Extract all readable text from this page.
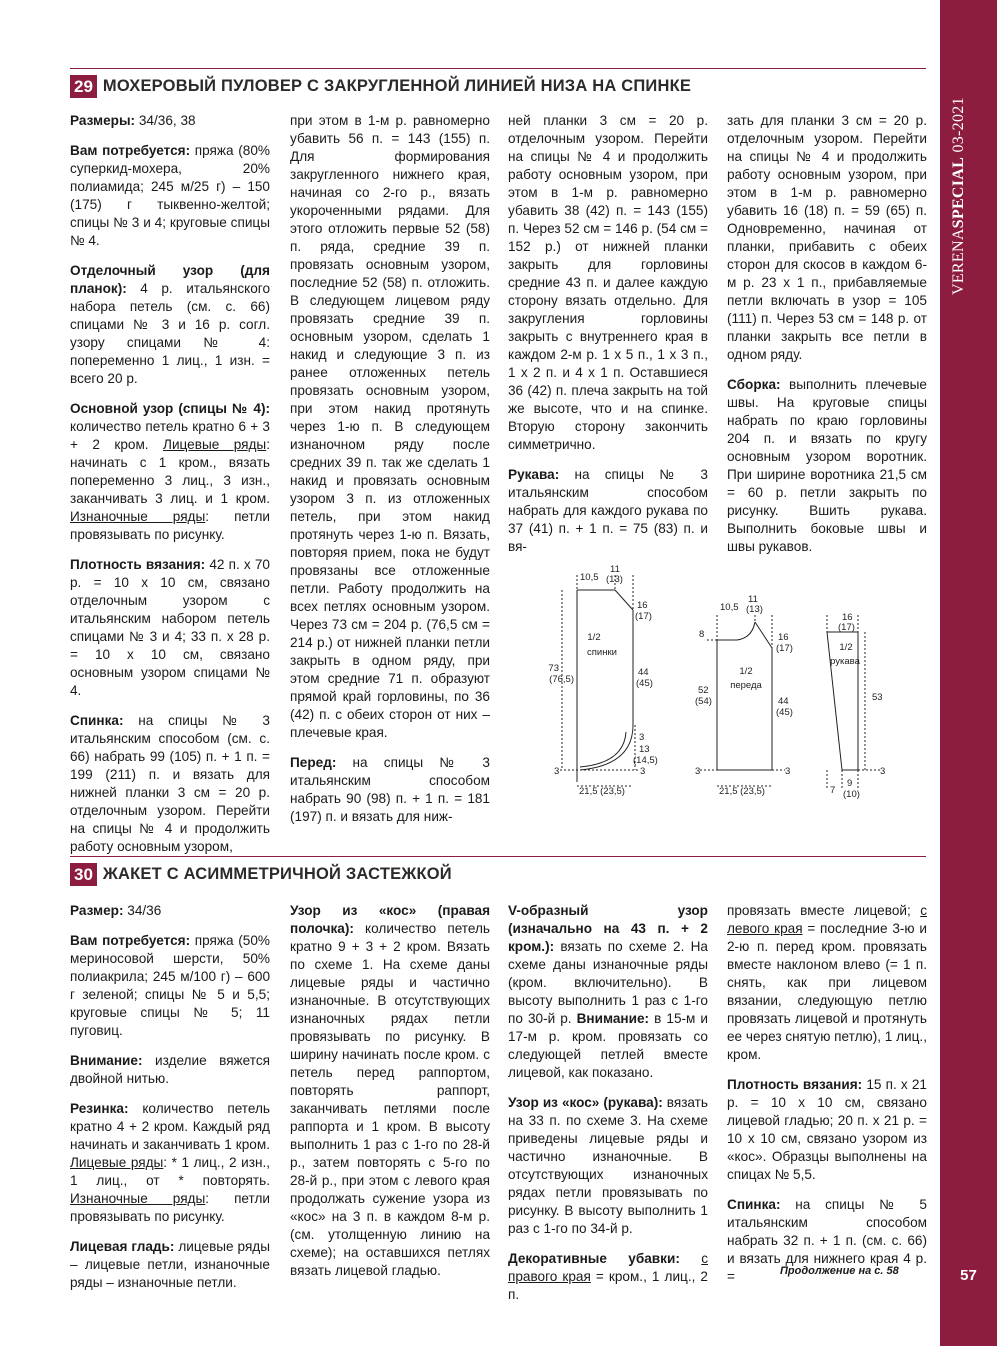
VERENASPECIAL 03-2021
57
29 МОХЕРОВЫЙ ПУЛОВЕР С ЗАКРУГЛЕННОЙ ЛИНИЕЙ НИЗА НА СПИНКЕ

Размеры: 34/36, 38

Вам потребуется: пряжа (80% суперкид-мохера, 20% полиамида; 245 м/25 г) – 150 (175) г тыквенно-желтой; спицы № 3 и 4; круговые спицы № 4.

Отделочный узор (для планок): 4 р. итальянского набора петель (см. с. 66) спицами № 3 и 16 р. согл. узору спицами № 4: попеременно 1 лиц., 1 изн. = всего 20 р.

Основной узор (спицы № 4): количество петель кратно 6 + 3 + 2 кром. Лицевые ряды: начинать с 1 кром., вязать попеременно 3 лиц., 3 изн., заканчивать 3 лиц. и 1 кром. Изнаночные ряды: петли провязывать по рисунку.

Плотность вязания: 42 п. х 70 р. = 10 х 10 см, связано отделочным узором с итальянским набором петель спицами № 3 и 4; 33 п. х 28 р. = 10 х 10 см, связано основным узором спицами № 4.

Спинка: на спицы № 3 итальянским способом (см. с. 66) набрать 99 (105) п. + 1 п. = 199 (211) п. и вязать для нижней планки 3 см = 20 р. отделочным узором. Перейти на спицы № 4 и продолжить работу основным узором,

при этом в 1-м р. равномерно убавить 56 п. = 143 (155) п. Для формирования закругленного нижнего края, начиная со 2-го р., вязать укороченными рядами. Для этого отложить первые 52 (58) п. ряда, средние 39 п. провязать основным узором, последние 52 (58) п. отложить. В следующем лицевом ряду провязать средние 39 п. основным узором, сделать 1 накид и следующие 3 п. из ранее отложенных петель провязать основным узором, при этом накид протянуть через 1-ю п. В следующем изнаночном ряду после средних 39 п. так же сделать 1 накид и провязать основным узором 3 п. из отложенных петель, при этом накид протянуть через 1-ю п. Вязать, повторяя прием, пока не будут провязаны все отложенные петли. Работу продолжить на всех петлях основным узором. Через 73 см = 204 р. (76,5 см = 214 р.) от нижней планки петли закрыть в одном ряду, при этом средние 71 п. образуют прямой край горловины, по 36 (42) п. с обеих сторон от них – плечевые края.

Перед: на спицы № 3 итальянским способом набрать 90 (98) п. + 1 п. = 181 (197) п. и вязать для ниж-

ней планки 3 см = 20 р. отделочным узором. Перейти на спицы № 4 и продолжить работу основным узором, при этом в 1-м р. равномерно убавить 38 (42) п. = 143 (155) п. Через 52 см = 146 р. (54 см = 152 р.) от нижней планки закрыть для горловины средние 43 п. и далее каждую сторону вязать отдельно. Для закругления горловины закрыть с внутреннего края в каждом 2-м р. 1 х 5 п., 1 х 3 п., 1 х 2 п. и 4 х 1 п. Оставшиеся 36 (42) п. плеча закрыть на той же высоте, что и на спинке. Вторую сторону закончить симметрично.

Рукава: на спицы № 3 итальянским способом набрать для каждого рукава по 37 (41) п. + 1 п. = 75 (83) п. и вя-

зать для планки 3 см = 20 р. отделочным узором. Перейти на спицы № 4 и продолжить работу основным узором, при этом в 1-м р. равномерно убавить 16 (18) п. = 59 (65) п. Одновременно, начиная от планки, прибавить с обеих сторон для скосов в каждом 6-м р. 23 х 1 п., прибавляемые петли включать в узор = 105 (111) п. Через 53 см = 148 р. от планки закрыть все петли в одном ряду.

Сборка: выполнить плечевые швы. На круговые спицы набрать по краю горловины 204 п. и вязать по кругу основным узором воротник. При ширине воротника 21,5 см = 60 р. петли закрыть по рисунку. Вшить рукава. Выполнить боковые швы и швы рукавов.

1/2
спинки
10,5
11
(13)
16
(17)
73
(76,5)
44
(45)
3
13
(14,5)
3	3
21,5 (23,5)
1/2
переда
10,5
11
(13)
8	16
(17)
52
(54)	44
(45)
3	3
21,5 (23,5)
16
(17)
1/2
рукава
53
3
7
9
(10)
30 ЖАКЕТ С АСИММЕТРИЧНОЙ ЗАСТЕЖКОЙ

Размер: 34/36

Вам потребуется: пряжа (50% мериносовой шерсти, 50% полиакрила; 245 м/100 г) – 600 г зеленой; спицы № 5 и 5,5; круговые спицы № 5; 11 пуговиц.

Внимание: изделие вяжется двойной нитью.

Резинка: количество петель кратно 4 + 2 кром. Каждый ряд начинать и заканчивать 1 кром. Лицевые ряды: * 1 лиц., 2 изн., 1 лиц., от * повторять. Изнаночные ряды: петли провязывать по рисунку.

Лицевая гладь: лицевые ряды – лицевые петли, изнаночные ряды – изнаночные петли.

Узор из «кос» (правая полочка): количество петель кратно 9 + 3 + 2 кром. Вязать по схеме 1. На схеме даны лицевые ряды и частично изнаночные. В отсутствующих изнаночных рядах петли провязывать по рисунку. В ширину начинать после кром. с петель перед раппортом, повторять раппорт, заканчивать петлями после раппорта и 1 кром. В высоту выполнить 1 раз с 1-го по 28-й р., затем повторять с 5-го по 28-й р., при этом с левого края продолжать сужение узора из «кос» на 3 п. в каждом 8-м р. (см. утолщенную линию на схеме); на оставшихся петлях вязать лицевой гладью.

V-образный узор (изначально на 43 п. + 2 кром.): вязать по схеме 2. На схеме даны изнаночные ряды (кром. включительно). В высоту выполнить 1 раз с 1-го по 30-й р. Внимание: в 15-м и 17-м р. кром. провязать со следующей петлей вместе лицевой, как показано.

Узор из «кос» (рукава): вязать на 33 п. по схеме 3. На схеме приведены лицевые ряды и частично изнаночные. В отсутствующих изнаночных рядах петли провязывать по рисунку. В высоту выполнить 1 раз с 1-го по 34-й р.

Декоративные убавки: с правого края = кром., 1 лиц., 2 п.

провязать вместе лицевой; с левого края = последние 3-ю и 2-ю п. перед кром. провязать вместе наклоном влево (= 1 п. снять, как при лицевом вязании, следующую петлю провязать лицевой и протянуть ее через снятую петлю), 1 лиц., кром.

Плотность вязания: 15 п. х 21 р. = 10 х 10 см, связано лицевой гладью; 20 п. х 21 р. = 10 х 10 см, связано узором из «кос». Образцы выполнены на спицах № 5,5.

Спинка: на спицы № 5 итальянским способом набрать 32 п. + 1 п. (см. с. 66) и вязать для нижнего края 4 р. =	Продолжение на с. 58
